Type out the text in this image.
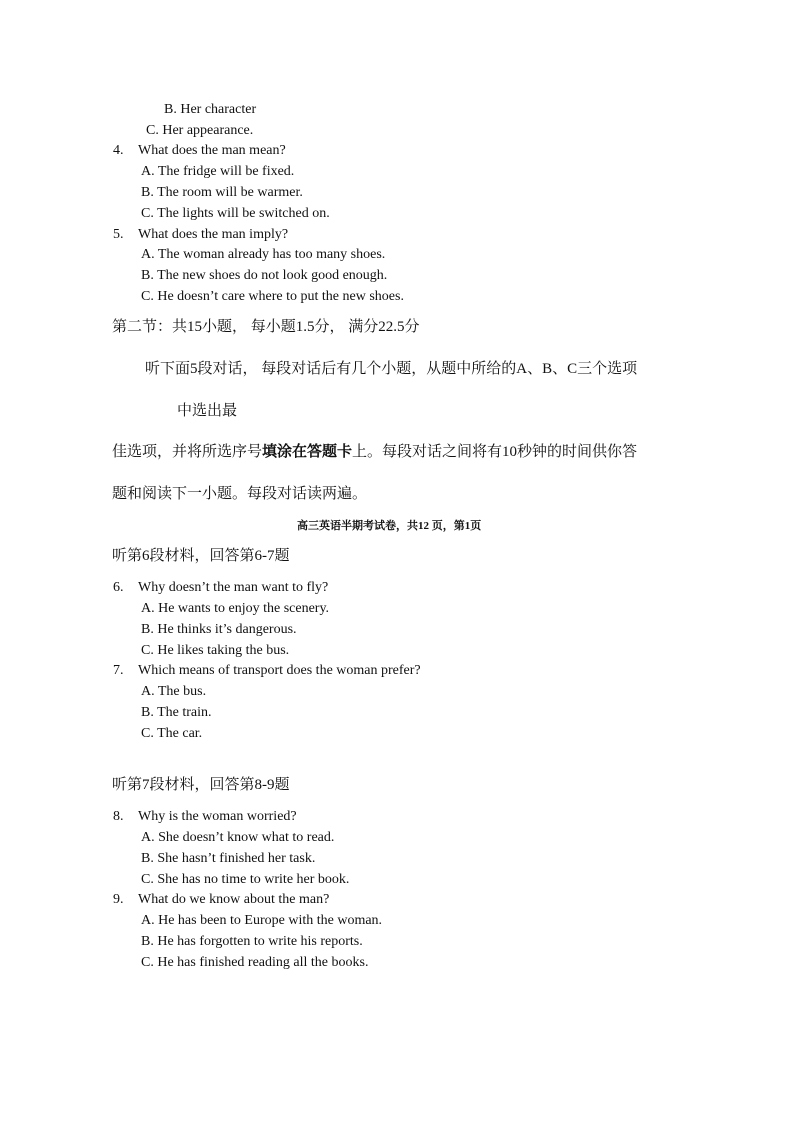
B. Her character
C. Her appearance.
4. What does the man mean?
A. The fridge will be fixed.
B. The room will be warmer.
C. The lights will be switched on.
5. What does the man imply?
A. The woman already has too many shoes.
B. The new shoes do not look good enough.
C. He doesn’t care where to put the new shoes.
第二节：共15小题， 每小题1.5分， 满分22.5分
听下面5段对话， 每段对话后有几个小题，从题中所给的A、B、C三个选项
中选出最
佳选项，并将所选序号填涂在答题卡上。每段对话之间将有10秒钟的时间供你答
题和阅读下一小题。每段对话读两遍。
高三英语半期考试卷，共12 页，第1页
听第6段材料，回答第6-7题
6. Why doesn’t the man want to fly?
A. He wants to enjoy the scenery.
B. He thinks it’s dangerous.
C. He likes taking the bus.
7. Which means of transport does the woman prefer?
A. The bus.
B. The train.
C. The car.
听第7段材料，回答第8-9题
8. Why is the woman worried?
A. She doesn’t know what to read.
B. She hasn’t finished her task.
C. She has no time to write her book.
9. What do we know about the man?
A. He has been to Europe with the woman.
B. He has forgotten to write his reports.
C. He has finished reading all the books.
